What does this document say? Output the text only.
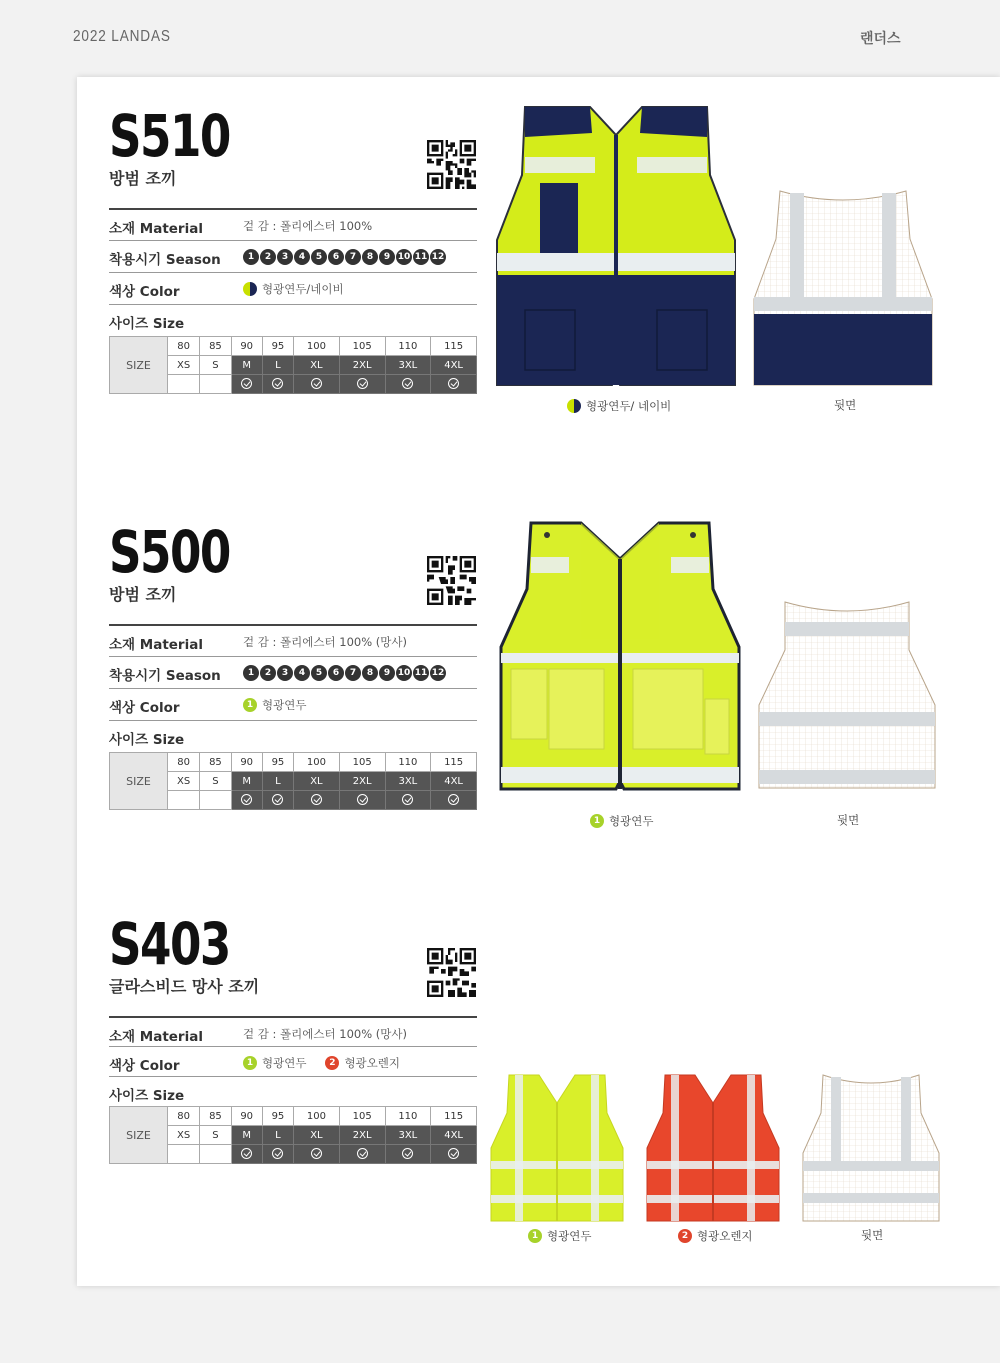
2022 LANDAS	랜더스
S510
방범 조끼
소재 Material	겉 감 : 폴리에스터 100%
착용시기 Season	1	2	3	4	5	6	7	8	9 10 11 12
색상 Color	형광연두/네이비
사이즈 Size
SIZE	80	85	90	95	100	105	110	115
	XS	S	M	L	XL	2XL	3XL	4XL

형광연두/ 네이비	뒷면
S500
방범 조끼
소재 Material	겉 감 : 폴리에스터 100% (망사)
착용시기 Season	1	2	3	4	5	6	7	8	9 10 11 12
색상 Color	1 형광연두
사이즈 Size
SIZE	80	85	90	95	100	105	110	115
	XS	S	M	L	XL	2XL	3XL	4XL

1 형광연두	뒷면
S403
글라스비드 망사 조끼
소재 Material	겉 감 : 폴리에스터 100% (망사)
색상 Color	1 형광연두	2 형광오렌지
사이즈 Size
SIZE	80	85	90	95	100	105	110	115
	XS	S	M	L	XL	2XL	3XL	4XL

1 형광연두	2 형광오렌지	뒷면
